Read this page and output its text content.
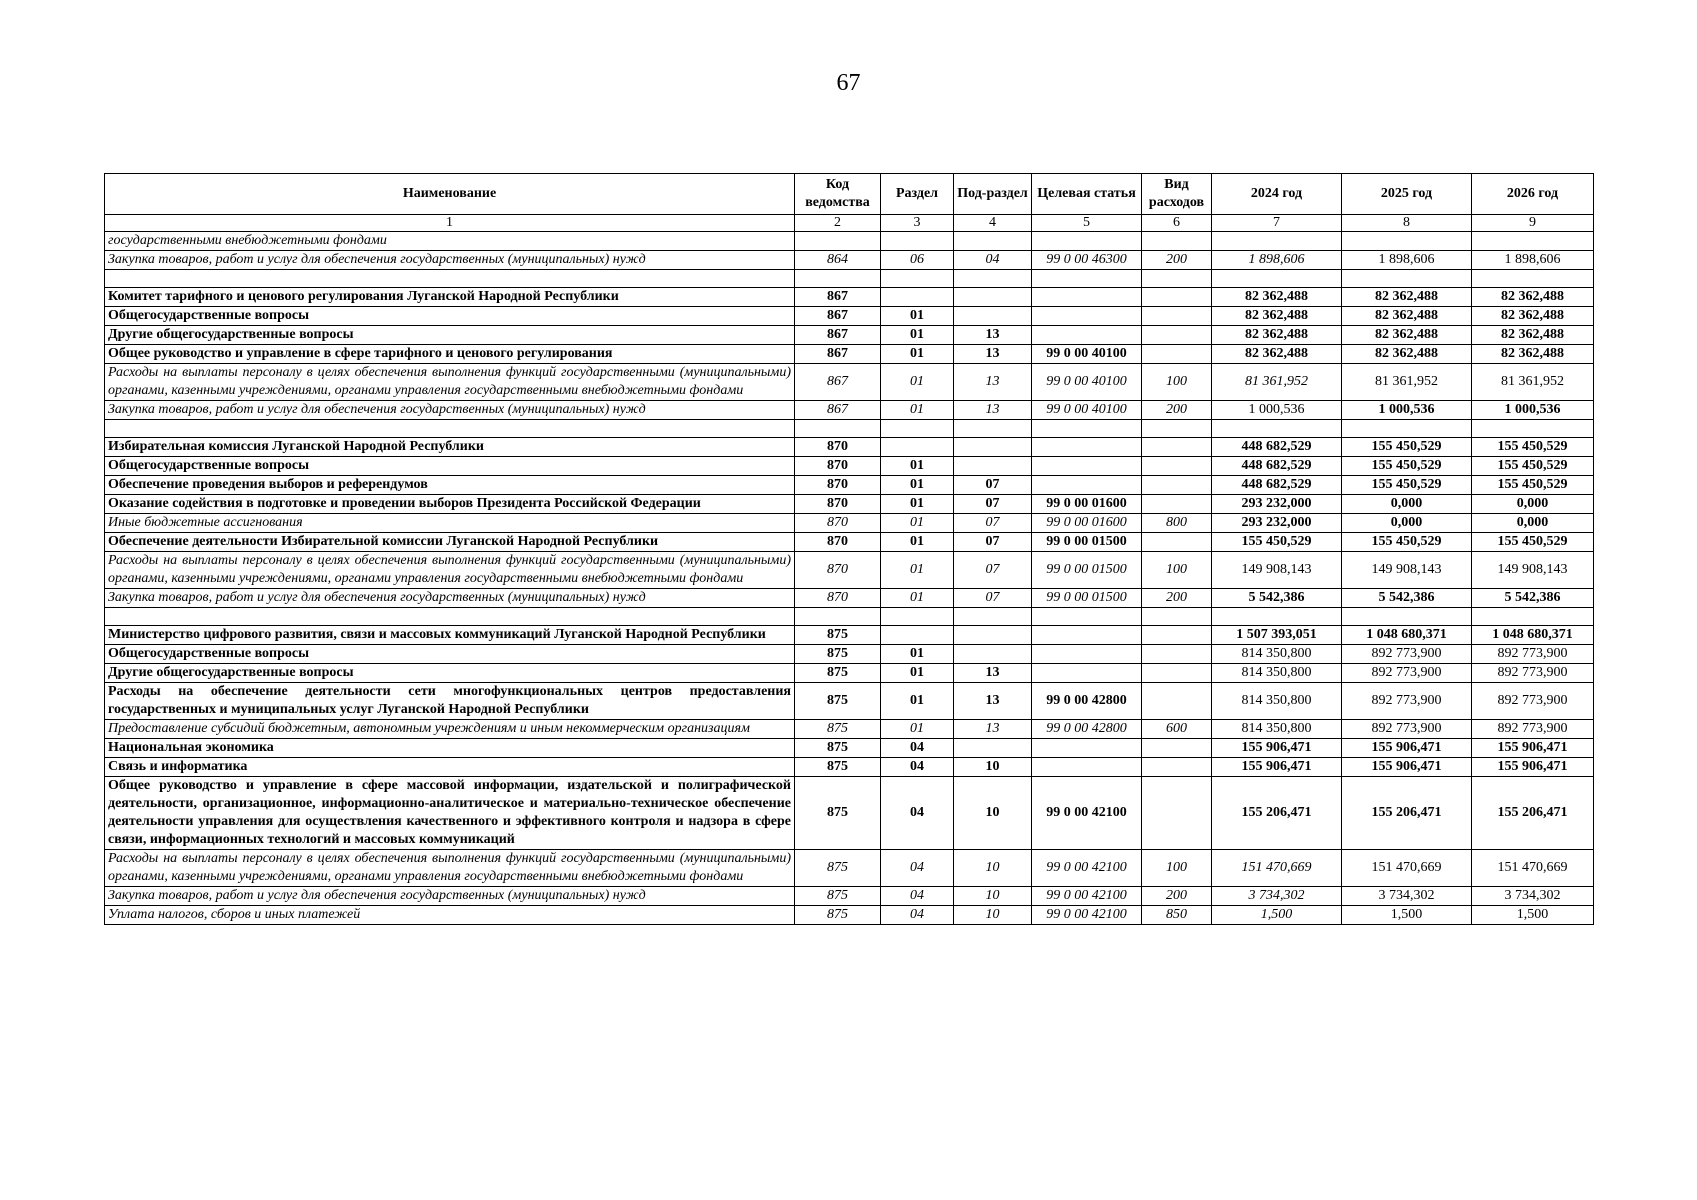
67
Наименование	Код ведомства	Раздел	Под-раздел	Целевая статья	Вид расходов	2024 год	2025 год	2026 год
1	2	3	4	5	6	7	8	9
государственными внебюджетными фондами								
Закупка товаров, работ и услуг для обеспечения государственных (муниципальных) нужд	864	06	04	99 0 00 46300	200	1 898,606	1 898,606	1 898,606

Комитет тарифного и ценового регулирования Луганской Народной Республики	867					82 362,488	82 362,488	82 362,488
Общегосударственные вопросы	867	01				82 362,488	82 362,488	82 362,488
Другие общегосударственные вопросы	867	01	13			82 362,488	82 362,488	82 362,488
Общее руководство и управление в сфере тарифного и ценового регулирования	867	01	13	99 0 00 40100		82 362,488	82 362,488	82 362,488
Расходы на выплаты персоналу в целях обеспечения выполнения функций государственными (муниципальными) органами, казенными учреждениями, органами управления государственными внебюджетными фондами	867	01	13	99 0 00 40100	100	81 361,952	81 361,952	81 361,952
Закупка товаров, работ и услуг для обеспечения государственных (муниципальных) нужд	867	01	13	99 0 00 40100	200	1 000,536	1 000,536	1 000,536

Избирательная комиссия Луганской Народной Республики	870					448 682,529	155 450,529	155 450,529
Общегосударственные вопросы	870	01				448 682,529	155 450,529	155 450,529
Обеспечение проведения выборов и референдумов	870	01	07			448 682,529	155 450,529	155 450,529
Оказание содействия в подготовке и проведении выборов Президента Российской Федерации	870	01	07	99 0 00 01600		293 232,000	0,000	0,000
Иные бюджетные ассигнования	870	01	07	99 0 00 01600	800	293 232,000	0,000	0,000
Обеспечение деятельности Избирательной комиссии Луганской Народной Республики	870	01	07	99 0 00 01500		155 450,529	155 450,529	155 450,529
Расходы на выплаты персоналу в целях обеспечения выполнения функций государственными (муниципальными) органами, казенными учреждениями, органами управления государственными внебюджетными фондами	870	01	07	99 0 00 01500	100	149 908,143	149 908,143	149 908,143
Закупка товаров, работ и услуг для обеспечения государственных (муниципальных) нужд	870	01	07	99 0 00 01500	200	5 542,386	5 542,386	5 542,386

Министерство цифрового развития, связи и массовых коммуникаций Луганской Народной Республики	875					1 507 393,051	1 048 680,371	1 048 680,371
Общегосударственные вопросы	875	01				814 350,800	892 773,900	892 773,900
Другие общегосударственные вопросы	875	01	13			814 350,800	892 773,900	892 773,900
Расходы на обеспечение деятельности сети многофункциональных центров предоставления государственных и муниципальных услуг Луганской Народной Республики	875	01	13	99 0 00 42800		814 350,800	892 773,900	892 773,900
Предоставление субсидий бюджетным, автономным учреждениям и иным некоммерческим организациям	875	01	13	99 0 00 42800	600	814 350,800	892 773,900	892 773,900
Национальная экономика	875	04				155 906,471	155 906,471	155 906,471
Связь и информатика	875	04	10			155 906,471	155 906,471	155 906,471
Общее руководство и управление в сфере массовой информации, издательской и полиграфической деятельности, организационное, информационно-аналитическое и материально-техническое обеспечение деятельности управления для осуществления качественного и эффективного контроля и надзора в сфере связи, информационных технологий и массовых коммуникаций	875	04	10	99 0 00 42100		155 206,471	155 206,471	155 206,471
Расходы на выплаты персоналу в целях обеспечения выполнения функций государственными (муниципальными) органами, казенными учреждениями, органами управления государственными внебюджетными фондами	875	04	10	99 0 00 42100	100	151 470,669	151 470,669	151 470,669
Закупка товаров, работ и услуг для обеспечения государственных (муниципальных) нужд	875	04	10	99 0 00 42100	200	3 734,302	3 734,302	3 734,302
Уплата налогов, сборов и иных платежей	875	04	10	99 0 00 42100	850	1,500	1,500	1,500
